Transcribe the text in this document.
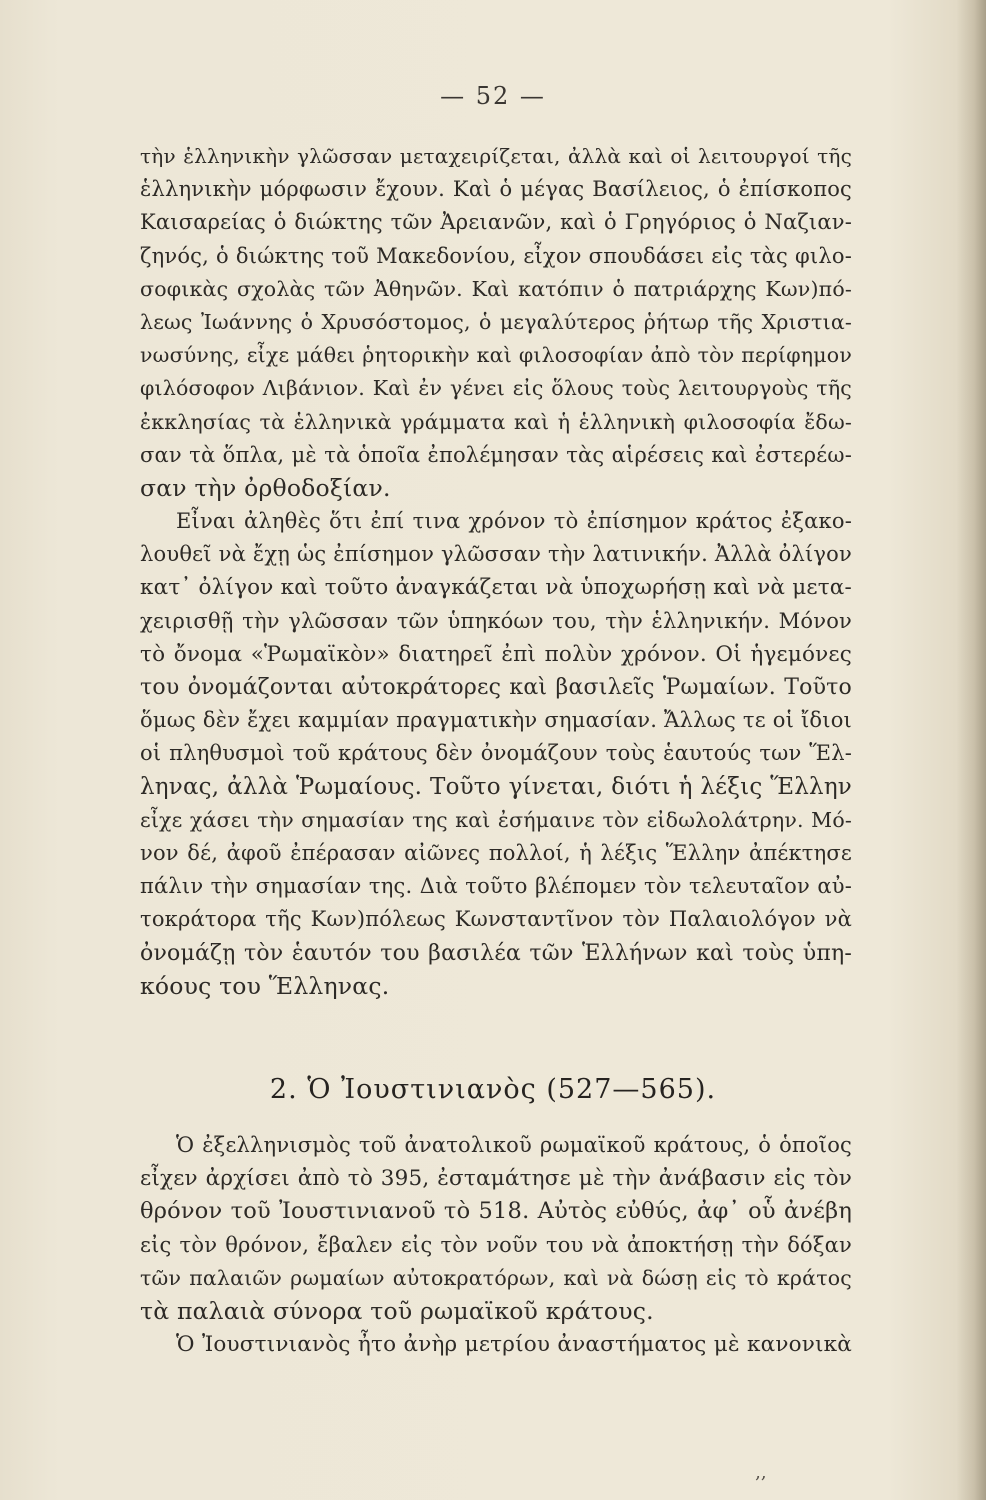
— 52 —
τὴν ἑλληνικὴν γλῶσσαν μεταχειρίζεται, ἀλλὰ καὶ οἱ λειτουργοί τῆς
ἑλληνικὴν μόρφωσιν ἔχουν. Καὶ ὁ μέγας Βασίλειος, ὁ ἐπίσκοπος
Καισαρείας ὁ διώκτης τῶν Ἀρειανῶν, καὶ ὁ Γρηγόριος ὁ Ναζιαν-
ζηνός, ὁ διώκτης τοῦ Μακεδονίου, εἶχον σπουδάσει εἰς τὰς φιλο-
σοφικὰς σχολὰς τῶν Ἀθηνῶν. Καὶ κατόπιν ὁ πατριάρχης Κων)πό-
λεως Ἰωάννης ὁ Χρυσόστομος, ὁ μεγαλύτερος ῥήτωρ τῆς Χριστια-
νωσύνης, εἶχε μάθει ῥητορικὴν καὶ φιλοσοφίαν ἀπὸ τὸν περίφημον
φιλόσοφον Λιβάνιον. Καὶ ἐν γένει εἰς ὅλους τοὺς λειτουργοὺς τῆς
ἐκκλησίας τὰ ἑλληνικὰ γράμματα καὶ ἡ ἑλληνικὴ φιλοσοφία ἔδω-
σαν τὰ ὅπλα, μὲ τὰ ὁποῖα ἐπολέμησαν τὰς αἱρέσεις καὶ ἐστερέω-
σαν τὴν ὀρθοδοξίαν.
Εἶναι ἀληθὲς ὅτι ἐπί τινα χρόνον τὸ ἐπίσημον κράτος ἐξακο-
λουθεῖ νὰ ἔχῃ ὡς ἐπίσημον γλῶσσαν τὴν λατινικήν. Ἀλλὰ ὀλίγον
κατ᾽ ὀλίγον καὶ τοῦτο ἀναγκάζεται νὰ ὑποχωρήσῃ καὶ νὰ μετα-
χειρισθῇ τὴν γλῶσσαν τῶν ὑπηκόων του, τὴν ἑλληνικήν. Μόνον
τὸ ὄνομα «Ῥωμαϊκὸν» διατηρεῖ ἐπὶ πολὺν χρόνον. Οἱ ἡγεμόνες
του ὀνομάζονται αὐτοκράτορες καὶ βασιλεῖς Ῥωμαίων. Τοῦτο
ὅμως δὲν ἔχει καμμίαν πραγματικὴν σημασίαν. Ἄλλως τε οἱ ἴδιοι
οἱ πληθυσμοὶ τοῦ κράτους δὲν ὀνομάζουν τοὺς ἑαυτούς των Ἕλ-
ληνας, ἀλλὰ Ῥωμαίους. Τοῦτο γίνεται, διότι ἡ λέξις Ἕλλην
εἶχε χάσει τὴν σημασίαν της καὶ ἐσήμαινε τὸν εἰδωλολάτρην. Μό-
νον δέ, ἀφοῦ ἐπέρασαν αἰῶνες πολλοί, ἡ λέξις Ἕλλην ἀπέκτησε
πάλιν τὴν σημασίαν της. Διὰ τοῦτο βλέπομεν τὸν τελευταῖον αὐ-
τοκράτορα τῆς Κων)πόλεως Κωνσταντῖνον τὸν Παλαιολόγον νὰ
ὀνομάζῃ τὸν ἑαυτόν του βασιλέα τῶν Ἑλλήνων καὶ τοὺς ὑπη-
κόους του Ἕλληνας.
2. Ὁ Ἰουστινιανὸς (527—565).
Ὁ ἐξελληνισμὸς τοῦ ἀνατολικοῦ ρωμαϊκοῦ κράτους, ὁ ὁποῖος
εἶχεν ἀρχίσει ἀπὸ τὸ 395, ἐσταμάτησε μὲ τὴν ἀνάβασιν εἰς τὸν
θρόνον τοῦ Ἰουστινιανοῦ τὸ 518. Αὐτὸς εὐθύς, ἀφ᾽ οὗ ἀνέβη
εἰς τὸν θρόνον, ἔβαλεν εἰς τὸν νοῦν του νὰ ἀποκτήσῃ τὴν δόξαν
τῶν παλαιῶν ρωμαίων αὐτοκρατόρων, καὶ νὰ δώσῃ εἰς τὸ κράτος
τὰ παλαιὰ σύνορα τοῦ ρωμαϊκοῦ κράτους.
Ὁ Ἰουστινιανὸς ἦτο ἀνὴρ μετρίου ἀναστήματος μὲ κανονικὰ
‚‚
